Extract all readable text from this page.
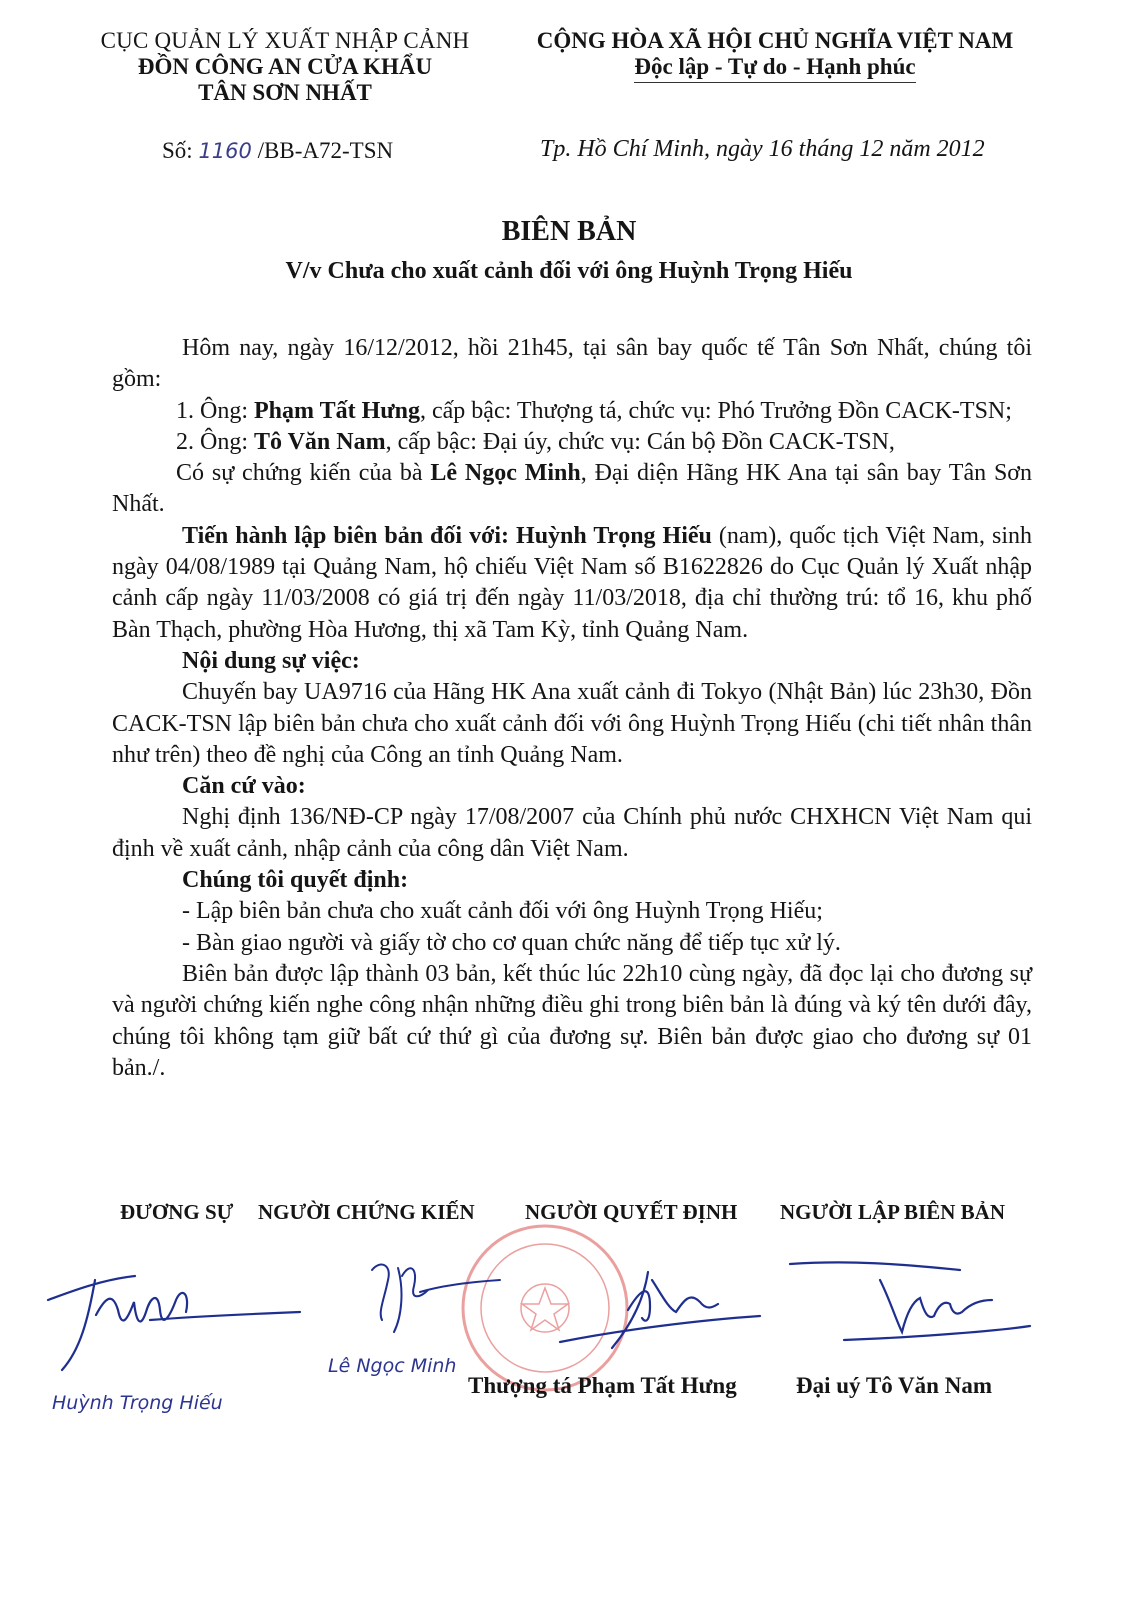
CỤC QUẢN LÝ XUẤT NHẬP CẢNH
ĐỒN CÔNG AN CỬA KHẨU
TÂN SƠN NHẤT
CỘNG HÒA XÃ HỘI CHỦ NGHĨA VIỆT NAM
Độc lập - Tự do - Hạnh phúc
Số: 1160 /BB-A72-TSN	Tp. Hồ Chí Minh, ngày 16 tháng 12 năm 2012
BIÊN BẢN
V/v Chưa cho xuất cảnh đối với ông Huỳnh Trọng Hiếu

Hôm nay, ngày 16/12/2012, hồi 21h45, tại sân bay quốc tế Tân Sơn Nhất, chúng tôi gồm:

1. Ông: Phạm Tất Hưng, cấp bậc: Thượng tá, chức vụ: Phó Trưởng Đồn CACK-TSN;

2. Ông: Tô Văn Nam, cấp bậc: Đại úy, chức vụ: Cán bộ Đồn CACK-TSN,

Có sự chứng kiến của bà Lê Ngọc Minh, Đại diện Hãng HK Ana tại sân bay Tân Sơn Nhất.

Tiến hành lập biên bản đối với: Huỳnh Trọng Hiếu (nam), quốc tịch Việt Nam, sinh ngày 04/08/1989 tại Quảng Nam, hộ chiếu Việt Nam số B1622826 do Cục Quản lý Xuất nhập cảnh cấp ngày 11/03/2008 có giá trị đến ngày 11/03/2018, địa chỉ thường trú: tổ 16, khu phố Bàn Thạch, phường Hòa Hương, thị xã Tam Kỳ, tỉnh Quảng Nam.

Nội dung sự việc:

Chuyến bay UA9716 của Hãng HK Ana xuất cảnh đi Tokyo (Nhật Bản) lúc 23h30, Đồn CACK-TSN lập biên bản chưa cho xuất cảnh đối với ông Huỳnh Trọng Hiếu (chi tiết nhân thân như trên) theo đề nghị của Công an tỉnh Quảng Nam.

Căn cứ vào:

Nghị định 136/NĐ-CP ngày 17/08/2007 của Chính phủ nước CHXHCN Việt Nam qui định về xuất cảnh, nhập cảnh của công dân Việt Nam.

Chúng tôi quyết định:

- Lập biên bản chưa cho xuất cảnh đối với ông Huỳnh Trọng Hiếu;

- Bàn giao người và giấy tờ cho cơ quan chức năng để tiếp tục xử lý.

Biên bản được lập thành 03 bản, kết thúc lúc 22h10 cùng ngày, đã đọc lại cho đương sự và người chứng kiến nghe công nhận những điều ghi trong biên bản là đúng và ký tên dưới đây, chúng tôi không tạm giữ bất cứ thứ gì của đương sự. Biên bản được giao cho đương sự 01 bản./.

ĐƯƠNG SỰ NGƯỜI CHỨNG KIẾN NGƯỜI QUYẾT ĐỊNH NGƯỜI LẬP BIÊN BẢN
Lê Ngọc Minh
Huỳnh Trọng Hiếu
Thượng tá Phạm Tất Hưng	Đại uý Tô Văn Nam
